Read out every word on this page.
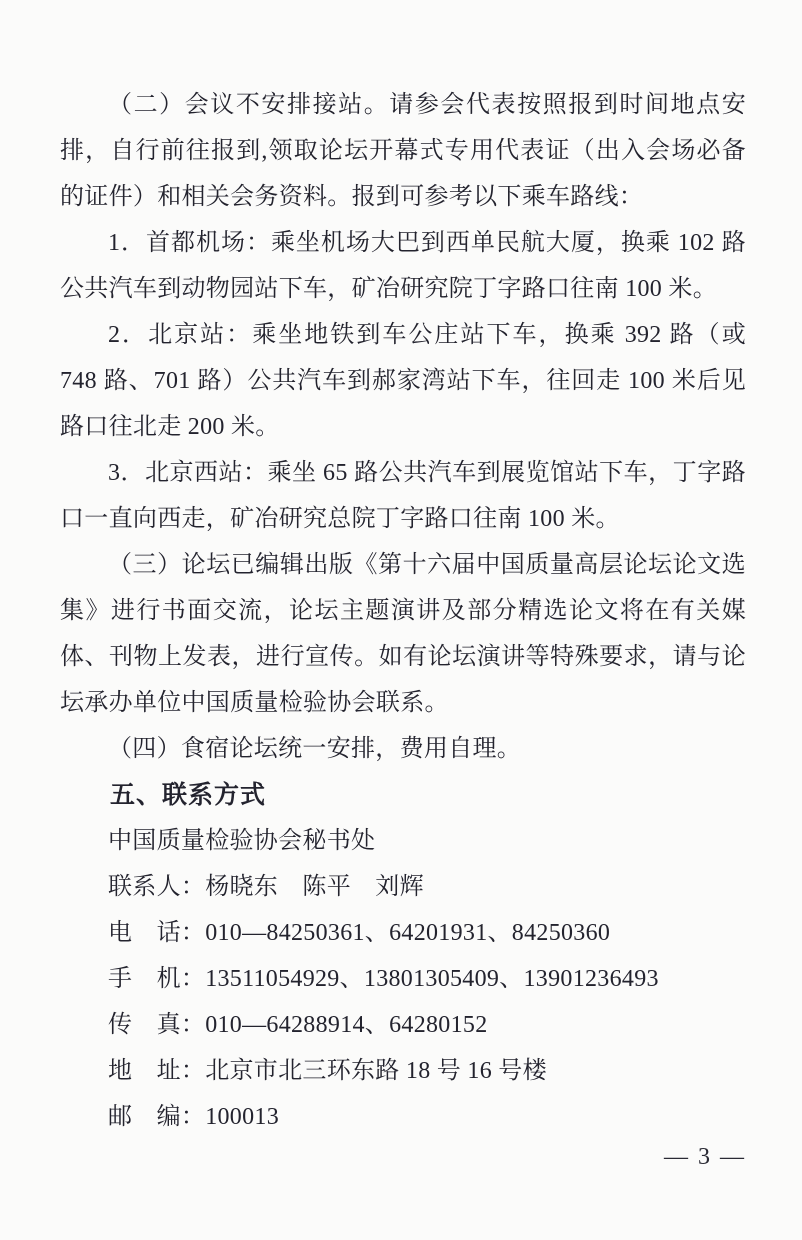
（二）会议不安排接站。请参会代表按照报到时间地点安排，自行前往报到,领取论坛开幕式专用代表证（出入会场必备的证件）和相关会务资料。报到可参考以下乘车路线：

1．首都机场：乘坐机场大巴到西单民航大厦，换乘 102 路公共汽车到动物园站下车，矿冶研究院丁字路口往南 100 米。

2．北京站：乘坐地铁到车公庄站下车，换乘 392 路（或 748 路、701 路）公共汽车到郝家湾站下车，往回走 100 米后见路口往北走 200 米。

3．北京西站：乘坐 65 路公共汽车到展览馆站下车，丁字路口一直向西走，矿冶研究总院丁字路口往南 100 米。

（三）论坛已编辑出版《第十六届中国质量高层论坛论文选集》进行书面交流，论坛主题演讲及部分精选论文将在有关媒体、刊物上发表，进行宣传。如有论坛演讲等特殊要求，请与论坛承办单位中国质量检验协会联系。

（四）食宿论坛统一安排，费用自理。

五、联系方式

中国质量检验协会秘书处

联系人：杨晓东　陈平　刘辉

电　话：010—84250361、64201931、84250360

手　机：13511054929、13801305409、13901236493

传　真：010—64288914、64280152

地　址：北京市北三环东路 18 号 16 号楼

邮　编：100013

— 3 —
